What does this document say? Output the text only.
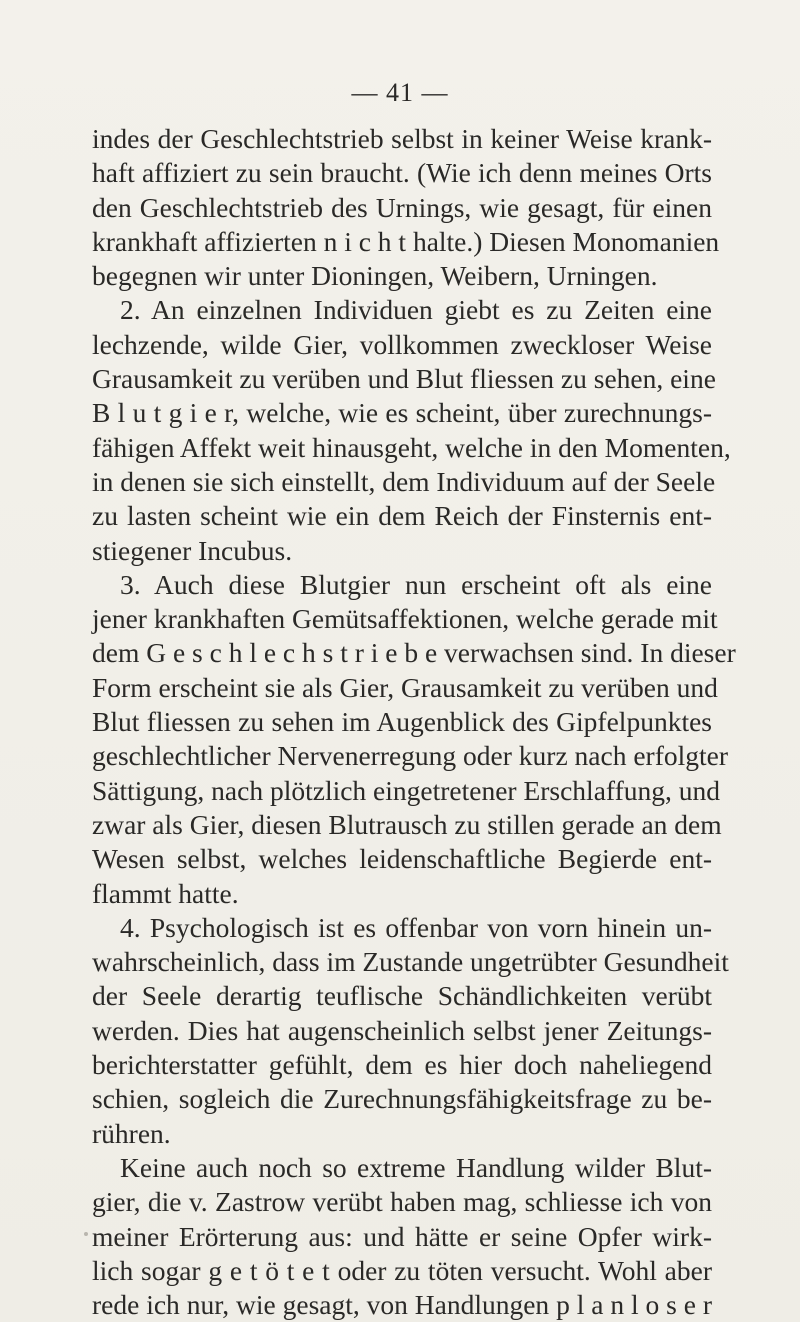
— 41 —
indes der Geschlechtstrieb selbst in keiner Weise krank-
haft affiziert zu sein braucht. (Wie ich denn meines Orts
den Geschlechtstrieb des Urnings, wie gesagt, für einen
krankhaft affizierten n i c h t halte.) Diesen Monomanien
begegnen wir unter Dioningen, Weibern, Urningen.
2. An einzelnen Individuen giebt es zu Zeiten eine
lechzende, wilde Gier, vollkommen zweckloser Weise
Grausamkeit zu verüben und Blut fliessen zu sehen, eine
B l u t g i e r, welche, wie es scheint, über zurechnungs-
fähigen Affekt weit hinausgeht, welche in den Momenten,
in denen sie sich einstellt, dem Individuum auf der Seele
zu lasten scheint wie ein dem Reich der Finsternis ent-
stiegener Incubus.
3. Auch diese Blutgier nun erscheint oft als eine
jener krankhaften Gemütsaffektionen, welche gerade mit
dem G e s c h l e c h s t r i e b e verwachsen sind. In dieser
Form erscheint sie als Gier, Grausamkeit zu verüben und
Blut fliessen zu sehen im Augenblick des Gipfelpunktes
geschlechtlicher Nervenerregung oder kurz nach erfolgter
Sättigung, nach plötzlich eingetretener Erschlaffung, und
zwar als Gier, diesen Blutrausch zu stillen gerade an dem
Wesen selbst, welches leidenschaftliche Begierde ent-
flammt hatte.
4. Psychologisch ist es offenbar von vorn hinein un-
wahrscheinlich, dass im Zustande ungetrübter Gesundheit
der Seele derartig teuflische Schändlichkeiten verübt
werden. Dies hat augenscheinlich selbst jener Zeitungs-
berichterstatter gefühlt, dem es hier doch naheliegend
schien, sogleich die Zurechnungsfähigkeitsfrage zu be-
rühren.
Keine auch noch so extreme Handlung wilder Blut-
gier, die v. Zastrow verübt haben mag, schliesse ich von
meiner Erörterung aus: und hätte er seine Opfer wirk-
lich sogar g e t ö t e t oder zu töten versucht. Wohl aber
rede ich nur, wie gesagt, von Handlungen p l a n l o s e r
